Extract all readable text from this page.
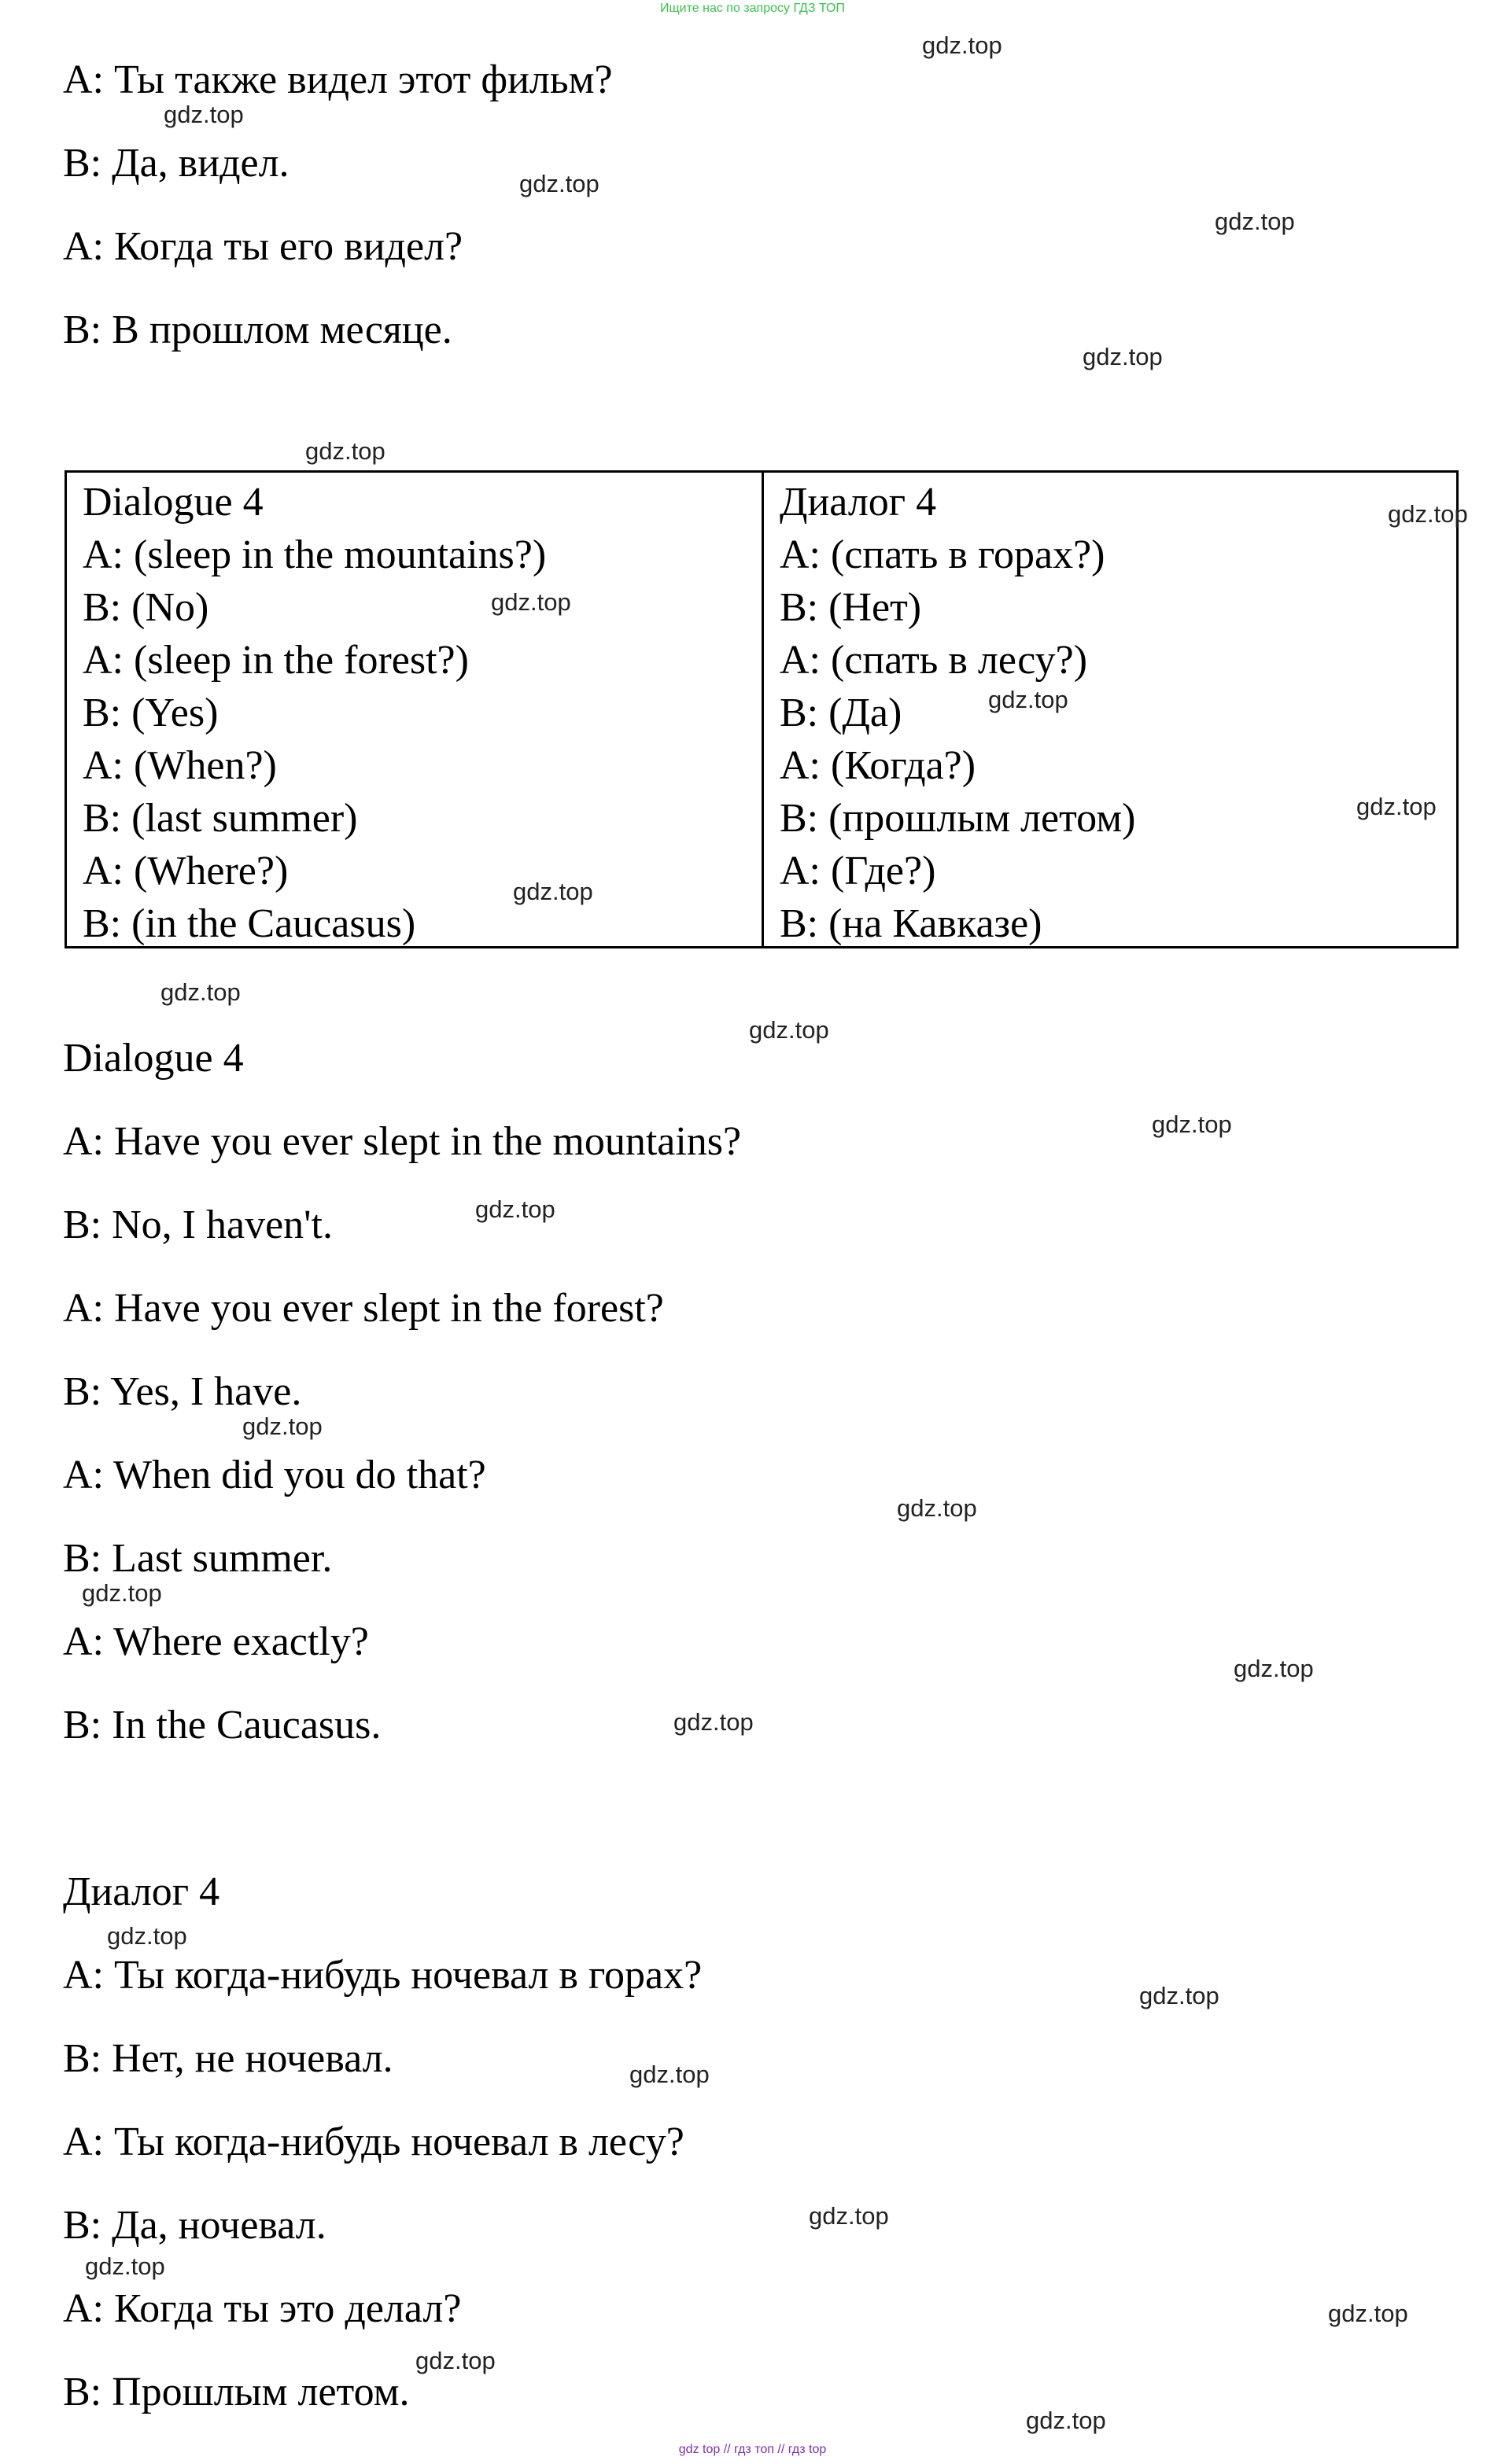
Ищите нас по запросу ГДЗ ТОП
A: Ты также видел этот фильм?
B: Да, видел.
A: Когда ты его видел?
B: В прошлом месяце.
Dialogue 4
A: (sleep in the mountains?)
B: (No)
A: (sleep in the forest?)
B: (Yes)
A: (When?)
B: (last summer)
A: (Where?)
B: (in the Caucasus)
Диалог 4
A: (спать в горах?)
B: (Нет)
A: (спать в лесу?)
B: (Да)
A: (Когда?)
B: (прошлым летом)
A: (Где?)
B: (на Кавказе)
Dialogue 4
A: Have you ever slept in the mountains?
B: No, I haven't.
A: Have you ever slept in the forest?
B: Yes, I have.
A: When did you do that?
B: Last summer.
A: Where exactly?
B: In the Caucasus.
Диалог 4
A: Ты когда-нибудь ночевал в горах?
B: Нет, не ночевал.
A: Ты когда-нибудь ночевал в лесу?
B: Да, ночевал.
A: Когда ты это делал?
B: Прошлым летом.
gdz.top
gdz.top
gdz.top
gdz.top
gdz.top
gdz.top
gdz.top
gdz.top
gdz.top
gdz.top
gdz.top
gdz.top
gdz.top
gdz.top
gdz.top
gdz.top
gdz.top
gdz.top
gdz.top
gdz.top
gdz.top
gdz.top
gdz.top
gdz.top
gdz.top
gdz.top
gdz.top
gdz.top
gdz top // гдз топ // гдз top
